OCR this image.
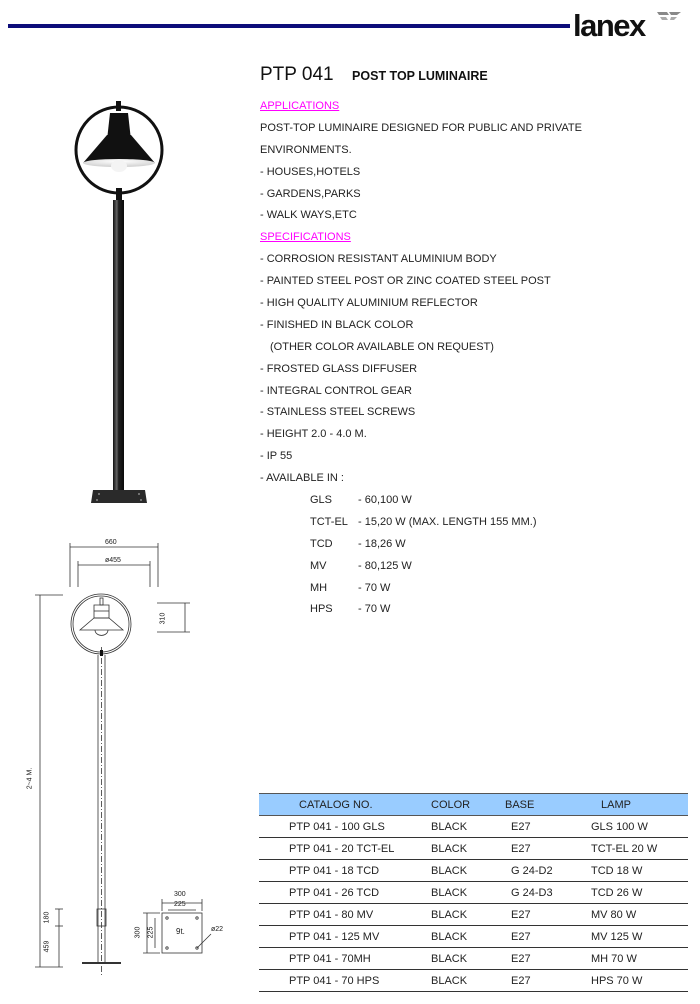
lanex
PTP 041 POST TOP LUMINAIRE
APPLICATIONS
POST-TOP LUMINAIRE DESIGNED FOR PUBLIC AND PRIVATE
ENVIRONMENTS.
- HOUSES,HOTELS
- GARDENS,PARKS
- WALK WAYS,ETC
SPECIFICATIONS
- CORROSION RESISTANT ALUMINIUM BODY
- PAINTED STEEL POST OR ZINC COATED STEEL POST
- HIGH QUALITY ALUMINIUM REFLECTOR
- FINISHED IN BLACK COLOR
(OTHER COLOR AVAILABLE ON REQUEST)
- FROSTED GLASS DIFFUSER
- INTEGRAL CONTROL GEAR
- STAINLESS STEEL SCREWS
- HEIGHT 2.0 - 4.0 M.
- IP 55
- AVAILABLE IN :
GLS	- 60,100 W
TCT-EL - 15,20 W (MAX. LENGTH 155 MM.)
TCD	- 18,26 W
MV	- 80,125 W
MH	- 70 W
HPS	- 70 W
660
ø455
310
2~4 M.
180
459
300
225
300 225	9t.	ø22
CATALOG NO.	COLOR	BASE	LAMP
PTP 041 - 100 GLS	BLACK	E27	GLS 100 W
PTP 041 - 20 TCT-EL	BLACK	E27	TCT-EL 20 W
PTP 041 - 18 TCD	BLACK	G 24-D2	TCD 18 W
PTP 041 - 26 TCD	BLACK	G 24-D3	TCD 26 W
PTP 041 - 80 MV	BLACK	E27	MV 80 W
PTP 041 - 125 MV	BLACK	E27	MV 125 W
PTP 041 - 70MH	BLACK	E27	MH 70 W
PTP 041 - 70 HPS	BLACK	E27	HPS 70 W
